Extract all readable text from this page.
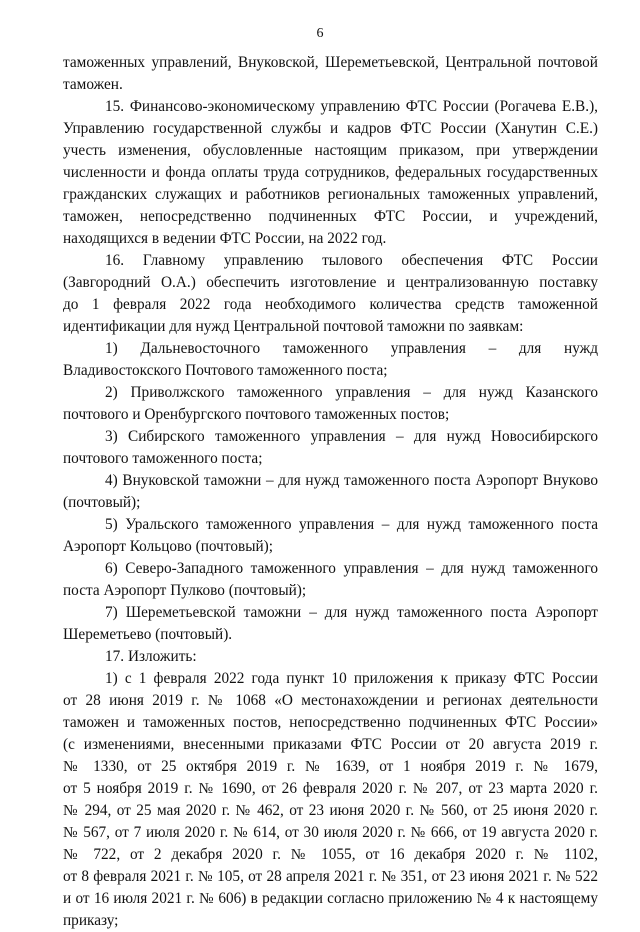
6
таможенных управлений, Внуковской, Шереметьевской, Центральной почтовой
таможен.
15. Финансово-экономическому управлению ФТС России (Рогачева Е.В.),
Управлению государственной службы и кадров ФТС России (Ханутин С.Е.)
учесть изменения, обусловленные настоящим приказом, при утверждении
численности и фонда оплаты труда сотрудников, федеральных государственных
гражданских служащих и работников региональных таможенных управлений,
таможен, непосредственно подчиненных ФТС России, и учреждений,
находящихся в ведении ФТС России, на 2022 год.
16. Главному управлению тылового обеспечения ФТС России
(Завгородний О.А.) обеспечить изготовление и централизованную поставку
до 1 февраля 2022 года необходимого количества средств таможенной
идентификации для нужд Центральной почтовой таможни по заявкам:
1) Дальневосточного таможенного управления – для нужд
Владивостокского Почтового таможенного поста;
2) Приволжского таможенного управления – для нужд Казанского
почтового и Оренбургского почтового таможенных постов;
3) Сибирского таможенного управления – для нужд Новосибирского
почтового таможенного поста;
4) Внуковской таможни – для нужд таможенного поста Аэропорт Внуково
(почтовый);
5) Уральского таможенного управления – для нужд таможенного поста
Аэропорт Кольцово (почтовый);
6) Северо-Западного таможенного управления – для нужд таможенного
поста Аэропорт Пулково (почтовый);
7) Шереметьевской таможни – для нужд таможенного поста Аэропорт
Шереметьево (почтовый).
17. Изложить:
1) с 1 февраля 2022 года пункт 10 приложения к приказу ФТС России
от 28 июня 2019 г. № 1068 «О местонахождении и регионах деятельности
таможен и таможенных постов, непосредственно подчиненных ФТС России»
(с изменениями, внесенными приказами ФТС России от 20 августа 2019 г.
№ 1330, от 25 октября 2019 г. № 1639, от 1 ноября 2019 г. № 1679,
от 5 ноября 2019 г. № 1690, от 26 февраля 2020 г. № 207, от 23 марта 2020 г.
№ 294, от 25 мая 2020 г. № 462, от 23 июня 2020 г. № 560, от 25 июня 2020 г.
№ 567, от 7 июля 2020 г. № 614, от 30 июля 2020 г. № 666, от 19 августа 2020 г.
№ 722, от 2 декабря 2020 г. № 1055, от 16 декабря 2020 г. № 1102,
от 8 февраля 2021 г. № 105, от 28 апреля 2021 г. № 351, от 23 июня 2021 г. № 522
и от 16 июля 2021 г. № 606) в редакции согласно приложению № 4 к настоящему
приказу;
